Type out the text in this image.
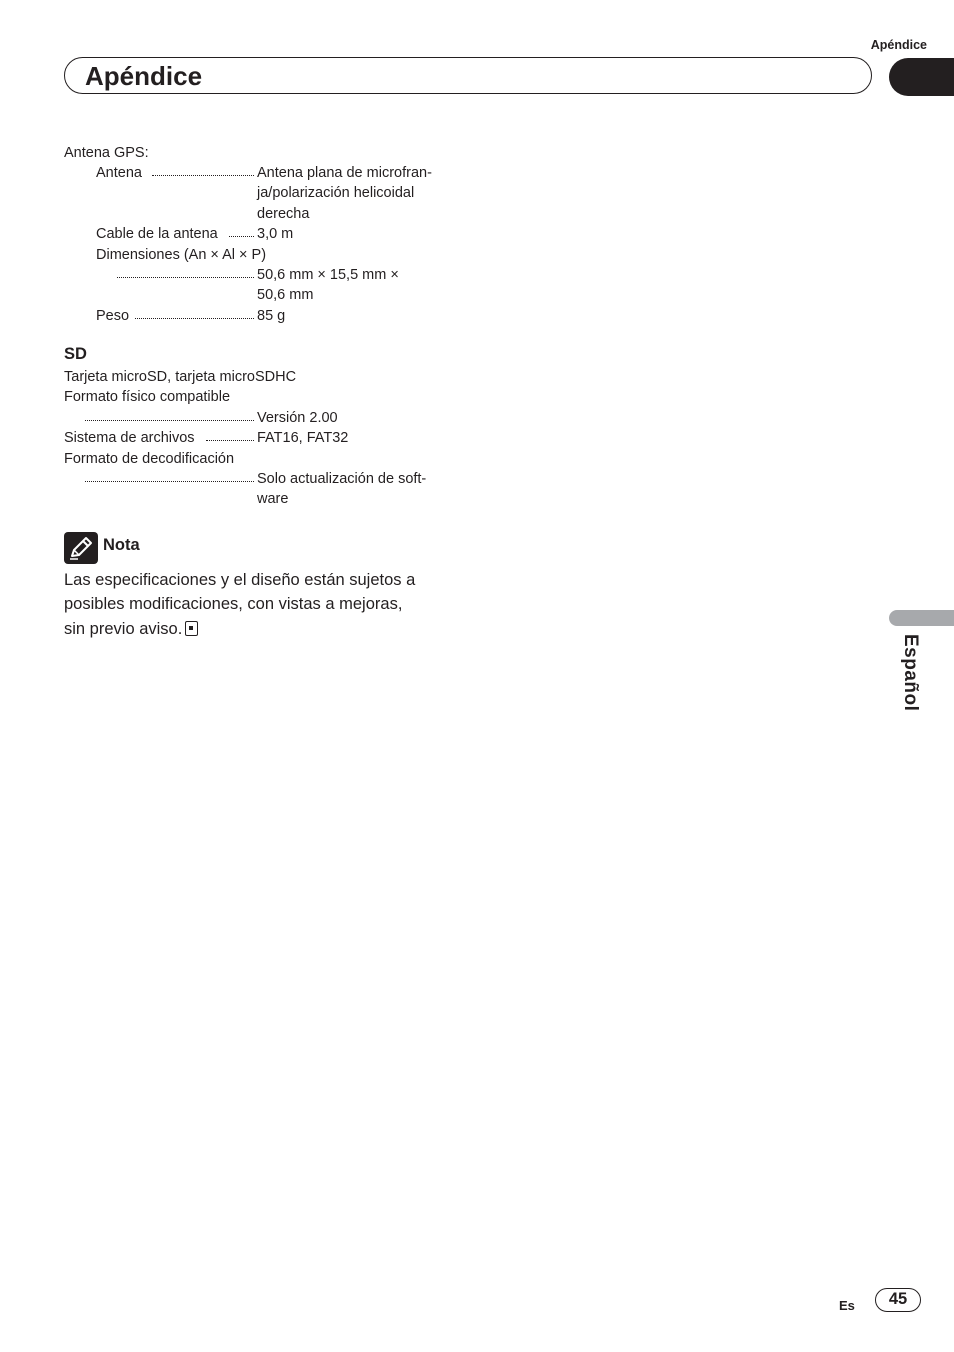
Apéndice
Apéndice
Español
Antena GPS:
Antena	Antena plana de microfran-
ja/polarización helicoidal
derecha
Cable de la antena	3,0 m
Dimensiones (An × Al × P)
50,6 mm × 15,5 mm ×
50,6 mm
Peso	85 g
SD
Tarjeta microSD, tarjeta microSDHC
Formato físico compatible
Versión 2.00
Sistema de archivos	FAT16, FAT32
Formato de decodificación
Solo actualización de soft-
ware
Nota
Las especificaciones y el diseño están sujetos a
posibles modificaciones, con vistas a mejoras,
sin previo aviso.
Es	45
